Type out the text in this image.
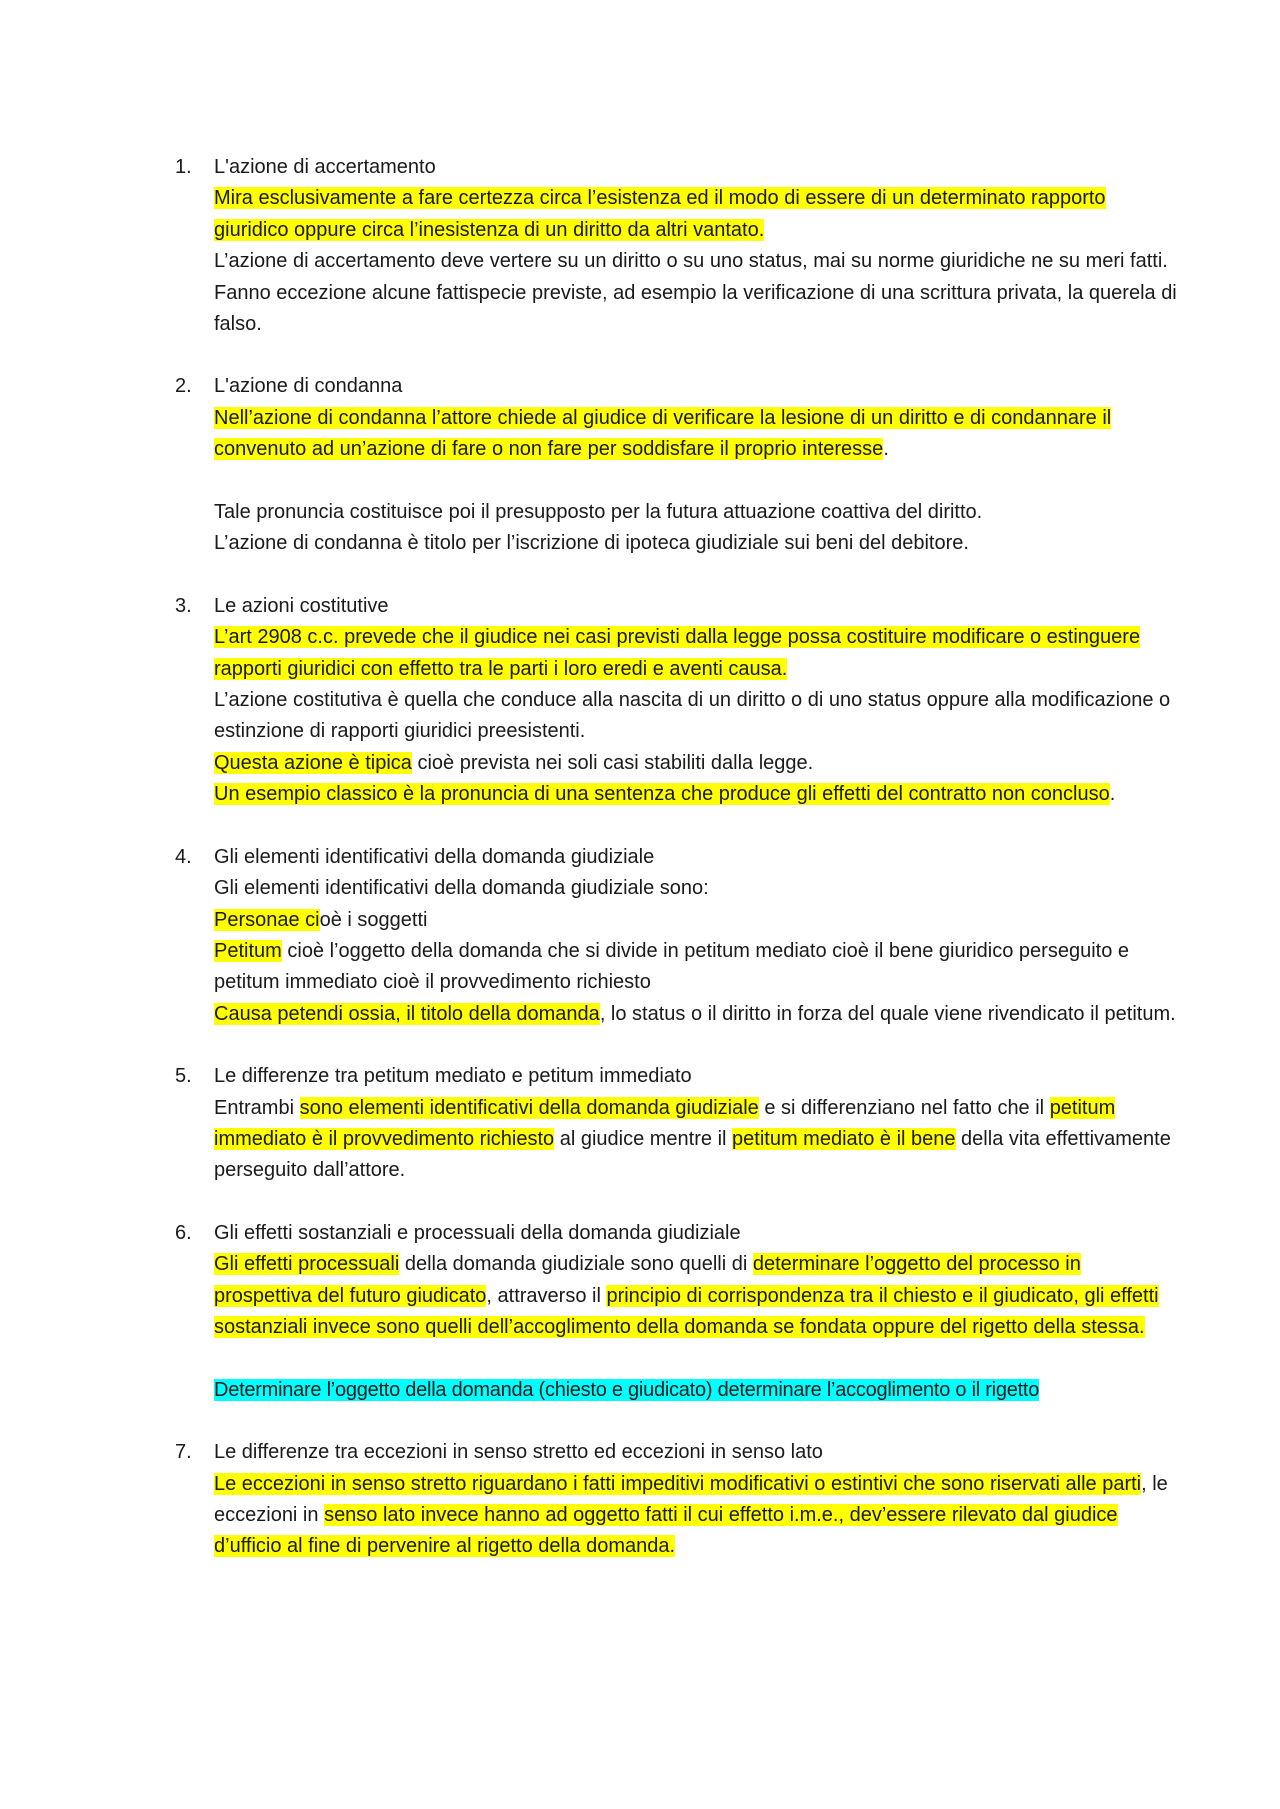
1. L'azione di accertamento

Mira esclusivamente a fare certezza circa l’esistenza ed il modo di essere di un determinato rapporto giuridico oppure circa l’inesistenza di un diritto da altri vantato.

L’azione di accertamento deve vertere su un diritto o su uno status, mai su norme giuridiche ne su meri fatti.

Fanno eccezione alcune fattispecie previste, ad esempio la verificazione di una scrittura privata, la querela di falso.

2. L'azione di condanna

Nell’azione di condanna l’attore chiede al giudice di verificare la lesione di un diritto e di condannare il convenuto ad un’azione di fare o non fare per soddisfare il proprio interesse.

Tale pronuncia costituisce poi il presupposto per la futura attuazione coattiva del diritto.

L’azione di condanna è titolo per l’iscrizione di ipoteca giudiziale sui beni del debitore.

3. Le azioni costitutive

L’art 2908 c.c. prevede che il giudice nei casi previsti dalla legge possa costituire modificare o estinguere rapporti giuridici con effetto tra le parti i loro eredi e aventi causa.

L’azione costitutiva è quella che conduce alla nascita di un diritto o di uno status oppure alla modificazione o estinzione di rapporti giuridici preesistenti.

Questa azione è tipica cioè prevista nei soli casi stabiliti dalla legge.

Un esempio classico è la pronuncia di una sentenza che produce gli effetti del contratto non concluso.

4. Gli elementi identificativi della domanda giudiziale

Gli elementi identificativi della domanda giudiziale sono:

Personae cioè i soggetti

Petitum cioè l’oggetto della domanda che si divide in petitum mediato cioè il bene giuridico perseguito e petitum immediato cioè il provvedimento richiesto

Causa petendi ossia, il titolo della domanda, lo status o il diritto in forza del quale viene rivendicato il petitum.

5. Le differenze tra petitum mediato e petitum immediato

Entrambi sono elementi identificativi della domanda giudiziale e si differenziano nel fatto che il petitum immediato è il provvedimento richiesto al giudice mentre il petitum mediato è il bene della vita effettivamente perseguito dall’attore.

6. Gli effetti sostanziali e processuali della domanda giudiziale

Gli effetti processuali della domanda giudiziale sono quelli di determinare l’oggetto del processo in prospettiva del futuro giudicato, attraverso il principio di corrispondenza tra il chiesto e il giudicato, gli effetti sostanziali invece sono quelli dell’accoglimento della domanda se fondata oppure del rigetto della stessa.

Determinare l’oggetto della domanda (chiesto e giudicato) determinare l’accoglimento o il rigetto

7. Le differenze tra eccezioni in senso stretto ed eccezioni in senso lato

Le eccezioni in senso stretto riguardano i fatti impeditivi modificativi o estintivi che sono riservati alle parti, le eccezioni in senso lato invece hanno ad oggetto fatti il cui effetto i.m.e., dev’essere rilevato dal giudice d’ufficio al fine di pervenire al rigetto della domanda.
